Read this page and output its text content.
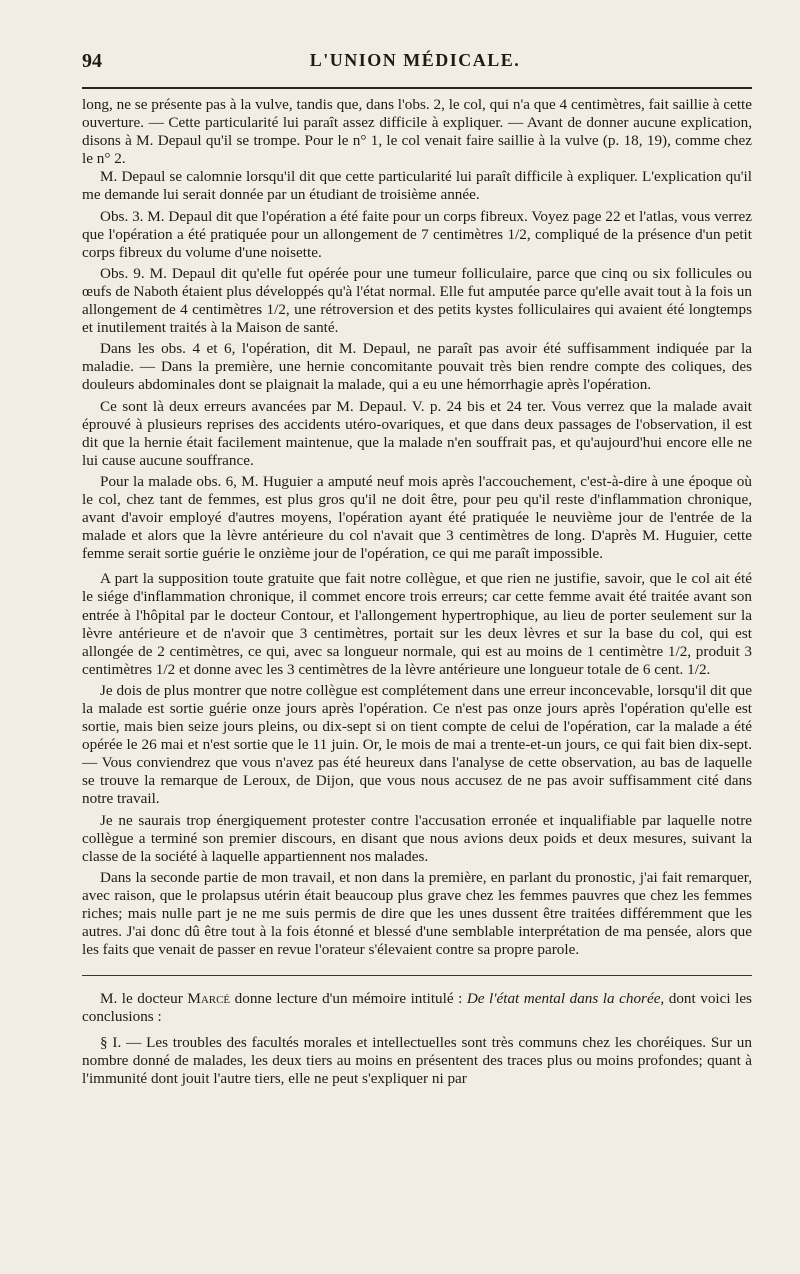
94	L'UNION MÉDICALE.

long, ne se présente pas à la vulve, tandis que, dans l'obs. 2, le col, qui n'a que 4 centimètres, fait saillie à cette ouverture. — Cette particularité lui paraît assez difficile à expliquer. — Avant de donner aucune explication, disons à M. Depaul qu'il se trompe. Pour le n° 1, le col venait faire saillie à la vulve (p. 18, 19), comme chez le n° 2.

M. Depaul se calomnie lorsqu'il dit que cette particularité lui paraît difficile à expliquer. L'explication qu'il me demande lui serait donnée par un étudiant de troisième année.

Obs. 3. M. Depaul dit que l'opération a été faite pour un corps fibreux. Voyez page 22 et l'atlas, vous verrez que l'opération a été pratiquée pour un allongement de 7 centimètres 1/2, compliqué de la présence d'un petit corps fibreux du volume d'une noisette.

Obs. 9. M. Depaul dit qu'elle fut opérée pour une tumeur folliculaire, parce que cinq ou six follicules ou œufs de Naboth étaient plus développés qu'à l'état normal. Elle fut amputée parce qu'elle avait tout à la fois un allongement de 4 centimètres 1/2, une rétroversion et des petits kystes folliculaires qui avaient été longtemps et inutilement traités à la Maison de santé.

Dans les obs. 4 et 6, l'opération, dit M. Depaul, ne paraît pas avoir été suffisamment indiquée par la maladie. — Dans la première, une hernie concomitante pouvait très bien rendre compte des coliques, des douleurs abdominales dont se plaignait la malade, qui a eu une hémorrhagie après l'opération.

Ce sont là deux erreurs avancées par M. Depaul. V. p. 24 bis et 24 ter. Vous verrez que la malade avait éprouvé à plusieurs reprises des accidents utéro-ovariques, et que dans deux passages de l'observation, il est dit que la hernie était facilement maintenue, que la malade n'en souffrait pas, et qu'aujourd'hui encore elle ne lui cause aucune souffrance.

Pour la malade obs. 6, M. Huguier a amputé neuf mois après l'accouchement, c'est-à-dire à une époque où le col, chez tant de femmes, est plus gros qu'il ne doit être, pour peu qu'il reste d'inflammation chronique, avant d'avoir employé d'autres moyens, l'opération ayant été pratiquée le neuvième jour de l'entrée de la malade et alors que la lèvre antérieure du col n'avait que 3 centimètres de long. D'après M. Huguier, cette femme serait sortie guérie le onzième jour de l'opération, ce qui me paraît impossible.

A part la supposition toute gratuite que fait notre collègue, et que rien ne justifie, savoir, que le col ait été le siége d'inflammation chronique, il commet encore trois erreurs; car cette femme avait été traitée avant son entrée à l'hôpital par le docteur Contour, et l'allongement hypertrophique, au lieu de porter seulement sur la lèvre antérieure et de n'avoir que 3 centimètres, portait sur les deux lèvres et sur la base du col, qui est allongée de 2 centimètres, ce qui, avec sa longueur normale, qui est au moins de 1 centimètre 1/2, produit 3 centimètres 1/2 et donne avec les 3 centimètres de la lèvre antérieure une longueur totale de 6 cent. 1/2.

Je dois de plus montrer que notre collègue est complétement dans une erreur inconcevable, lorsqu'il dit que la malade est sortie guérie onze jours après l'opération. Ce n'est pas onze jours après l'opération qu'elle est sortie, mais bien seize jours pleins, ou dix-sept si on tient compte de celui de l'opération, car la malade a été opérée le 26 mai et n'est sortie que le 11 juin. Or, le mois de mai a trente-et-un jours, ce qui fait bien dix-sept. — Vous conviendrez que vous n'avez pas été heureux dans l'analyse de cette observation, au bas de laquelle se trouve la remarque de Leroux, de Dijon, que vous nous accusez de ne pas avoir suffisamment cité dans notre travail.

Je ne saurais trop énergiquement protester contre l'accusation erronée et inqualifiable par laquelle notre collègue a terminé son premier discours, en disant que nous avions deux poids et deux mesures, suivant la classe de la société à laquelle appartiennent nos malades.

Dans la seconde partie de mon travail, et non dans la première, en parlant du pronostic, j'ai fait remarquer, avec raison, que le prolapsus utérin était beaucoup plus grave chez les femmes pauvres que chez les femmes riches; mais nulle part je ne me suis permis de dire que les unes dussent être traitées différemment que les autres. J'ai donc dû être tout à la fois étonné et blessé d'une semblable interprétation de ma pensée, alors que les faits que venait de passer en revue l'orateur s'élevaient contre sa propre parole.

M. le docteur Marcé donne lecture d'un mémoire intitulé : De l'état mental dans la chorée, dont voici les conclusions :

§ I. — Les troubles des facultés morales et intellectuelles sont très communs chez les choréiques. Sur un nombre donné de malades, les deux tiers au moins en présentent des traces plus ou moins profondes; quant à l'immunité dont jouit l'autre tiers, elle ne peut s'expliquer ni par
